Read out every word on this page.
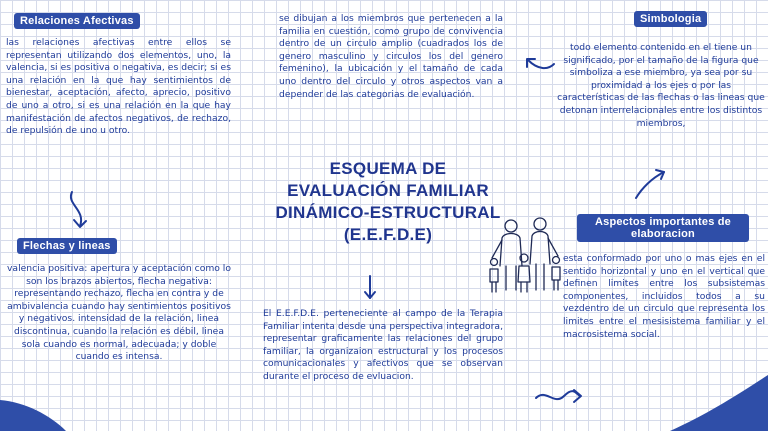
Relaciones Afectivas
las relaciones afectivas entre ellos se representan utilizando dos elementos, uno, la valencia, si es positiva o negativa, es decir; si es una relación en la que hay sentimientos de bienestar, aceptación, afecto, aprecio, positivo de uno a otro, si es una relación en la que hay manifestación de afectos negativos, de rechazo, de repulsión de uno u otro.
Flechas y lineas
valencia positiva: apertura y aceptación como lo son los brazos abiertos, flecha negativa: representando rechazo, flecha en contra y de ambivalencia cuando hay sentimientos positivos y negativos. intensidad de la relación, linea discontinua, cuando la relación es débil, linea sola cuando es normal, adecuada; y doble cuando es intensa.
se dibujan a los miembros que pertenecen a la familia en cuestión, como grupo de convivencia dentro de un circulo amplio (cuadrados los de genero masculino y circulos los del genero femenino), la ubicación y el tamaño de cada uno dentro del circulo y otros aspectos van a depender de las categorias de evaluación.
ESQUEMA DE EVALUACIÓN FAMILIAR DINÁMICO-ESTRUCTURAL (E.E.F.D.E)
El E.E.F.D.E. perteneciente al campo de la Terapia Familiar intenta desde una perspectiva integradora, representar graficamente las relaciones del grupo familiar, la organizaion estructural y los procesos comunicacionales y afectivos que se observan durante el proceso de evluacion.
Simbologia
todo elemento contenido en el tiene un significado, por el tamaño de la figura que simboliza a ese miembro, ya sea por su proximidad a los ejes o por las características de las flechas o las lineas que detonan interrelacionales entre los distintos miembros,
Aspectos importantes de elaboracion
esta conformado por uno o mas ejes en el sentido horizontal y uno en el vertical que definen limites entre los subsistemas componentes, incluidos todos a su vezdentro de un circulo que representa los limites entre el mesisistema familiar y el macrosistema social.
